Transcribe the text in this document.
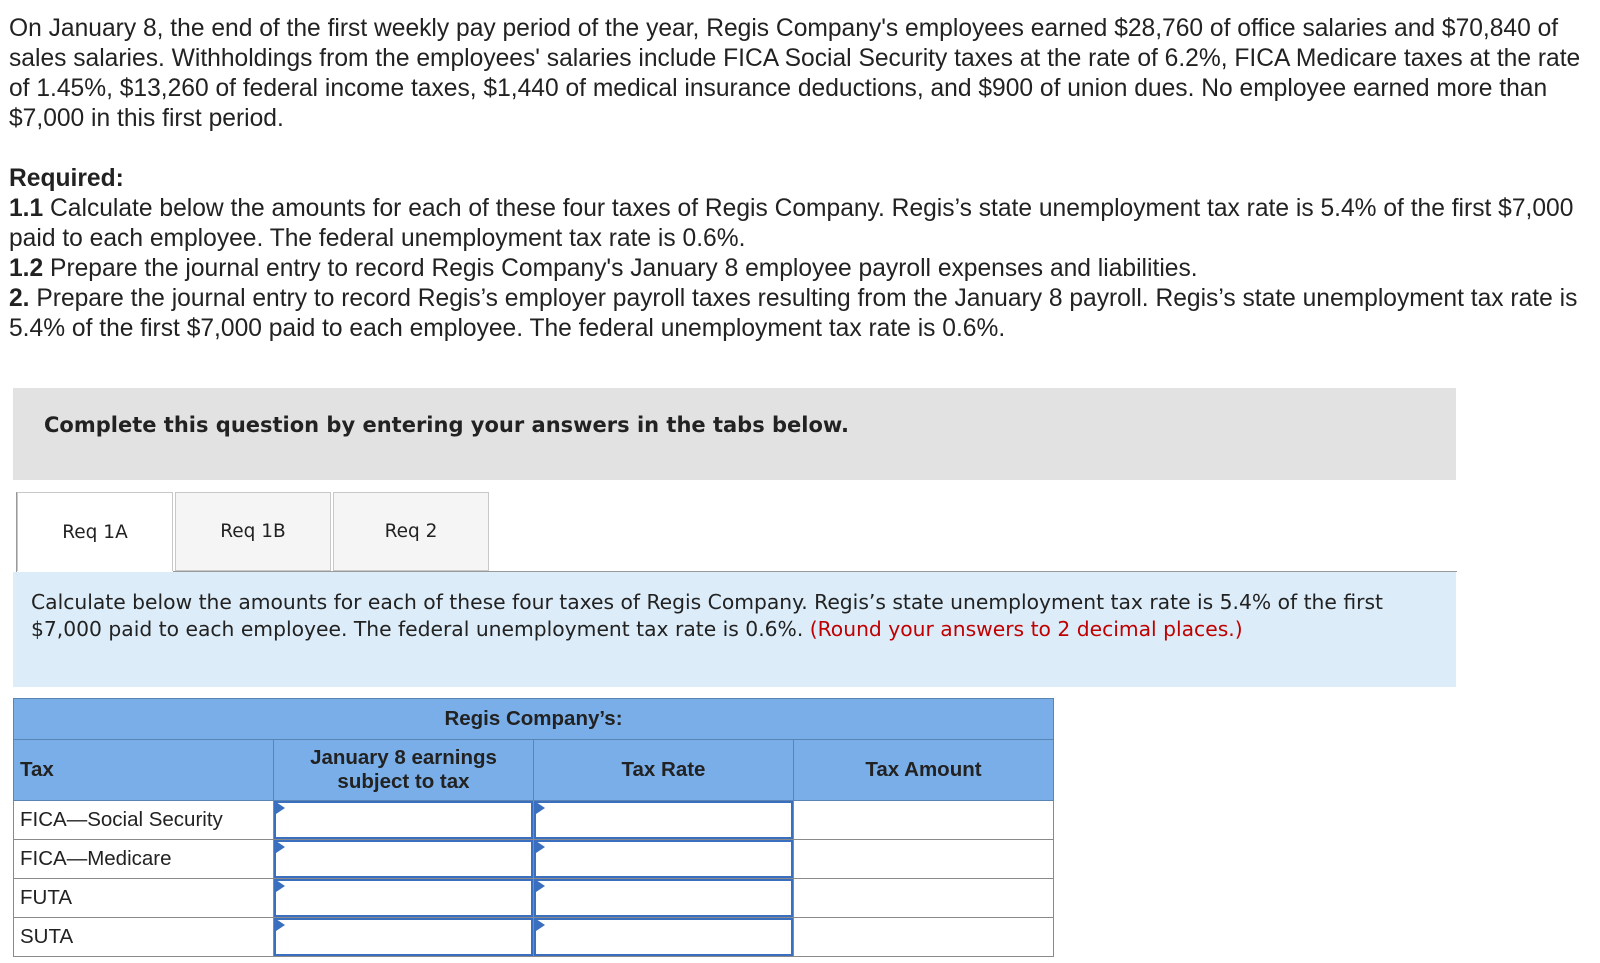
On January 8, the end of the first weekly pay period of the year, Regis Company's employees earned $28,760 of office salaries and $70,840 of sales salaries. Withholdings from the employees' salaries include FICA Social Security taxes at the rate of 6.2%, FICA Medicare taxes at the rate of 1.45%, $13,260 of federal income taxes, $1,440 of medical insurance deductions, and $900 of union dues. No employee earned more than $7,000 in this first period.

Required:
1.1 Calculate below the amounts for each of these four taxes of Regis Company. Regis’s state unemployment tax rate is 5.4% of the first $7,000 paid to each employee. The federal unemployment tax rate is 0.6%.
1.2 Prepare the journal entry to record Regis Company's January 8 employee payroll expenses and liabilities.
2. Prepare the journal entry to record Regis’s employer payroll taxes resulting from the January 8 payroll. Regis’s state unemployment tax rate is 5.4% of the first $7,000 paid to each employee. The federal unemployment tax rate is 0.6%.
Complete this question by entering your answers in the tabs below.
Req 1A	Req 1B	Req 2
Calculate below the amounts for each of these four taxes of Regis Company. Regis’s state unemployment tax rate is 5.4% of the first $7,000 paid to each employee. The federal unemployment tax rate is 0.6%. (Round your answers to 2 decimal places.)
Regis Company’s:			
Tax	January 8 earnings subject to tax	Tax Rate	Tax Amount
FICA—Social Security	

FICA—Medicare	

FUTA	

SUTA	
